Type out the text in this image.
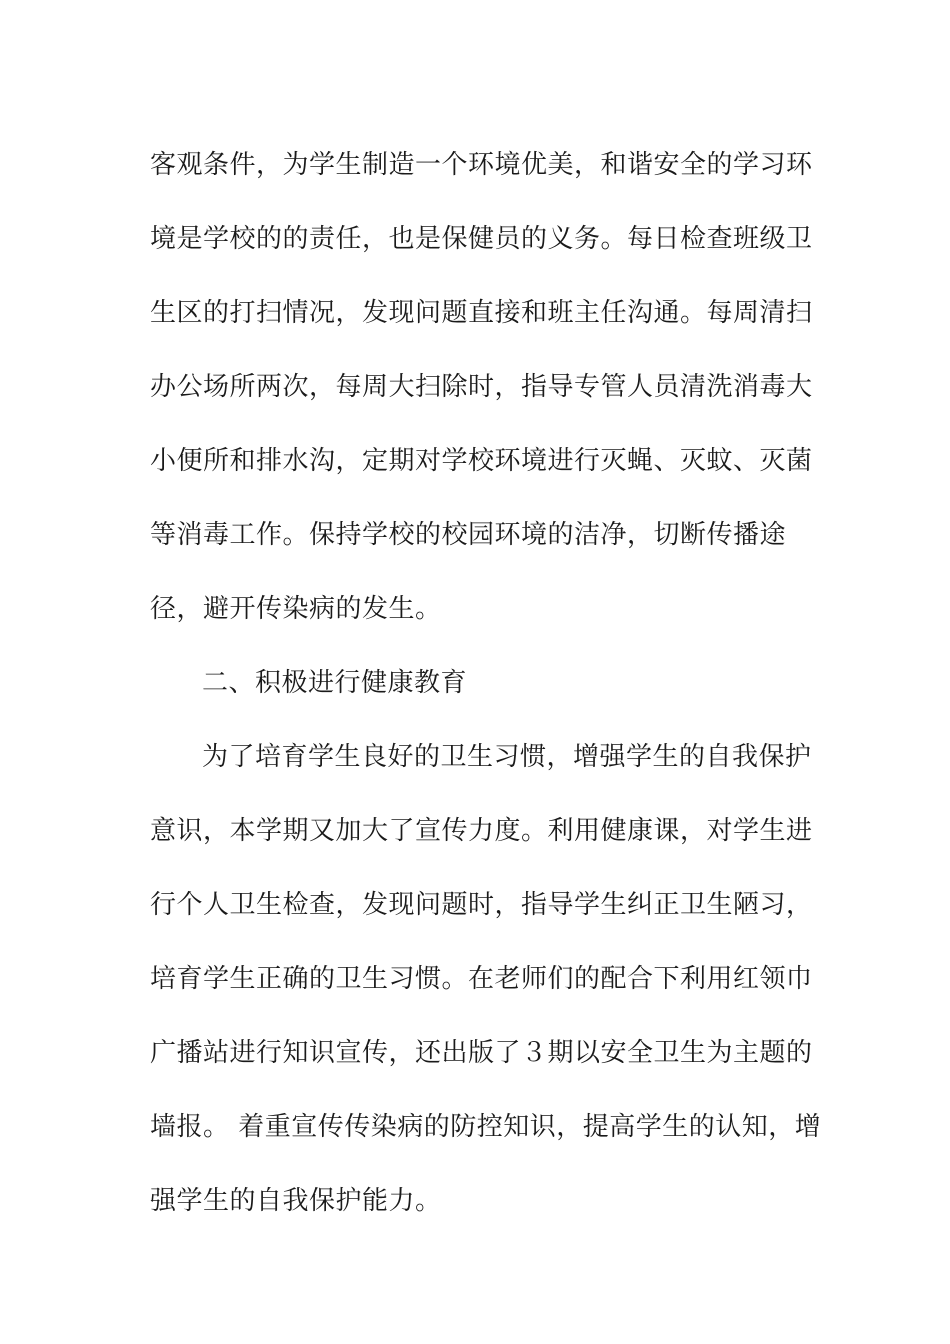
客观条件，为学生制造一个环境优美，和谐安全的学习环
境是学校的的责任，也是保健员的义务。每日检查班级卫
生区的打扫情况，发现问题直接和班主任沟通。每周清扫
办公场所两次，每周大扫除时，指导专管人员清洗消毒大
小便所和排水沟，定期对学校环境进行灭蝇、灭蚊、灭菌
等消毒工作。保持学校的校园环境的洁净，切断传播途
径，避开传染病的发生。
二、积极进行健康教育
为了培育学生良好的卫生习惯，增强学生的自我保护
意识，本学期又加大了宣传力度。利用健康课，对学生进
行个人卫生检查，发现问题时，指导学生纠正卫生陋习，
培育学生正确的卫生习惯。在老师们的配合下利用红领巾
广播站进行知识宣传，还出版了３期以安全卫生为主题的
墙报。 着重宣传传染病的防控知识，提高学生的认知，增
强学生的自我保护能力。
